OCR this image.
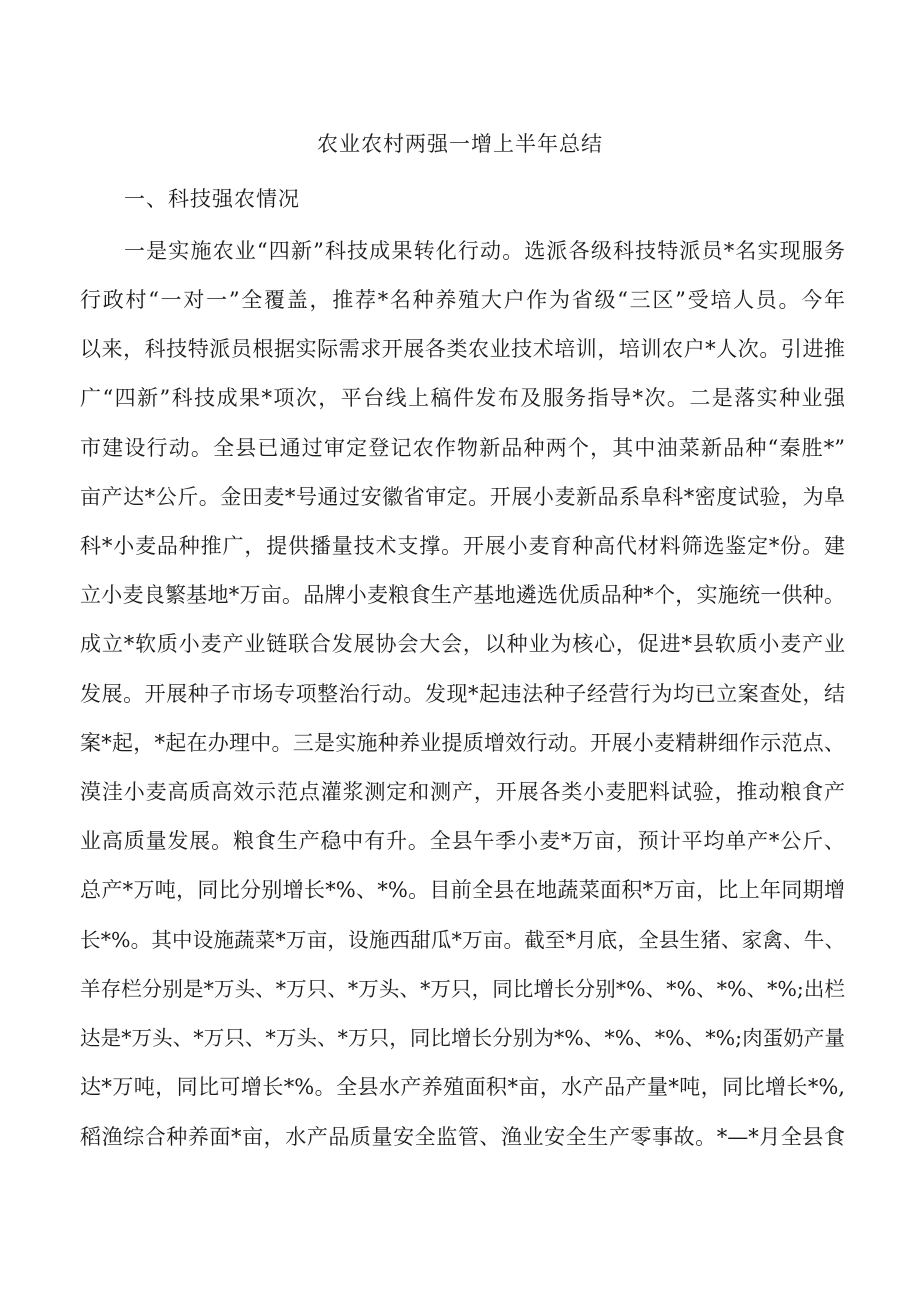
农业农村两强一增上半年总结
一、科技强农情况
一是实施农业“四新”科技成果转化行动。选派各级科技特派员*名实现服务
行政村“一对一”全覆盖，推荐*名种养殖大户作为省级“三区”受培人员。今年
以来，科技特派员根据实际需求开展各类农业技术培训，培训农户*人次。引进推
广“四新”科技成果*项次，平台线上稿件发布及服务指导*次。二是落实种业强
市建设行动。全县已通过审定登记农作物新品种两个，其中油菜新品种“秦胜*”
亩产达*公斤。金田麦*号通过安徽省审定。开展小麦新品系阜科*密度试验，为阜
科*小麦品种推广，提供播量技术支撑。开展小麦育种高代材料筛选鉴定*份。建
立小麦良繁基地*万亩。品牌小麦粮食生产基地遴选优质品种*个，实施统一供种。
成立*软质小麦产业链联合发展协会大会，以种业为核心，促进*县软质小麦产业
发展。开展种子市场专项整治行动。发现*起违法种子经营行为均已立案查处，结
案*起，*起在办理中。三是实施种养业提质增效行动。开展小麦精耕细作示范点、
漠洼小麦高质高效示范点灌浆测定和测产，开展各类小麦肥料试验，推动粮食产
业高质量发展。粮食生产稳中有升。全县午季小麦*万亩，预计平均单产*公斤、
总产*万吨，同比分别增长*%、*%。目前全县在地蔬菜面积*万亩，比上年同期增
长*%。其中设施蔬菜*万亩，设施西甜瓜*万亩。截至*月底，全县生猪、家禽、牛、
羊存栏分别是*万头、*万只、*万头、*万只，同比增长分别*%、*%、*%、*%;出栏
达是*万头、*万只、*万头、*万只，同比增长分别为*%、*%、*%、*%;肉蛋奶产量
达*万吨，同比可增长*%。全县水产养殖面积*亩，水产品产量*吨，同比增长*%,
稻渔综合种养面*亩，水产品质量安全监管、渔业安全生产零事故。*—*月全县食
